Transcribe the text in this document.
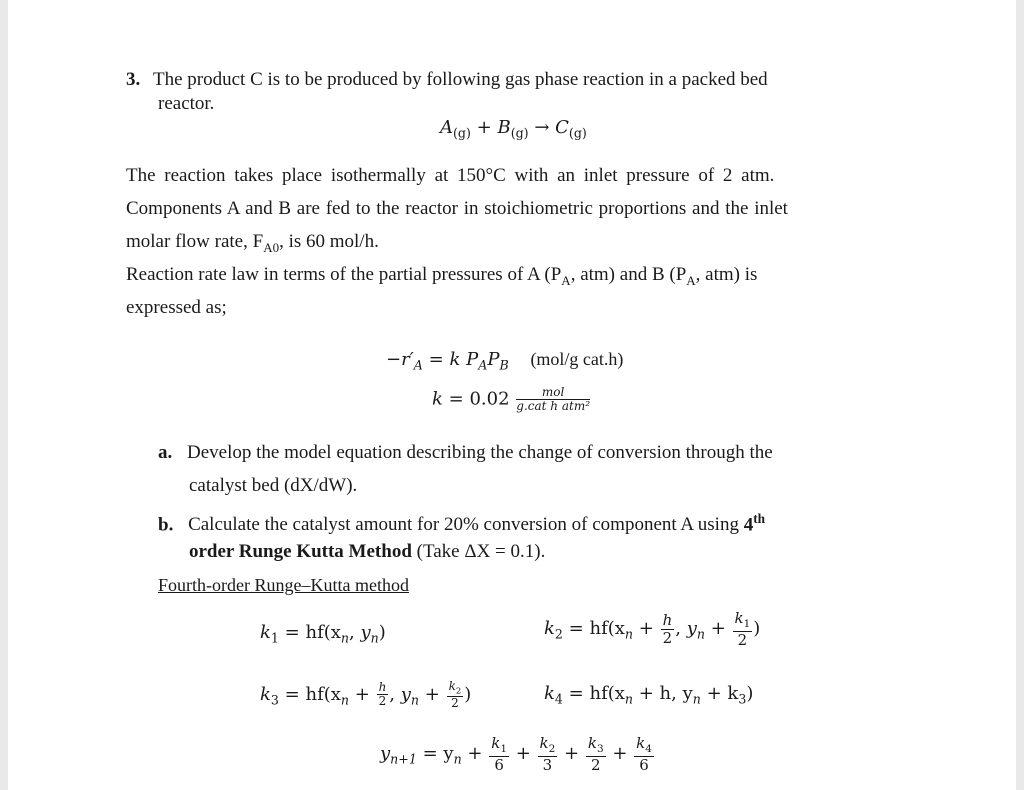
3. The product C is to be produced by following gas phase reaction in a packed bed
reactor.
$A_{(g)} + B_{(g)} \to C_{(g)}$
The reaction takes place isothermally at 150°C with an inlet pressure of 2 atm.
Components A and B are fed to the reactor in stoichiometric proportions and the inlet
molar flow rate, $F_{A0}$, is 60 mol/h.
Reaction rate law in terms of the partial pressures of A ($P_A$, atm) and B ($P_A$, atm) is
expressed as;
$-r'_A = k$ $P_AP_B$ (mol/g cat.h)
$k = 0.02 \frac{\text{mol}}{\text{g.cat h atm²}}$
a. Develop the model equation describing the change of conversion through the
catalyst bed (dX/dW).
b. Calculate the catalyst amount for 20% conversion of component A using 4th
order Runge Kutta Method (Take ΔX = 0.1).
Fourth-order Runge–Kutta method
$k_1 = hf(x_n$, $y_n$)	$k_2 = hf(x_n + \frac{h}{2}$ , $y_n + \frac{k_1}{2}$ )
$k_3 = hf(x_n + \frac{h}{2}$ , $y_n + \frac{k_2}{2}$ )	$k_4 = hf(x_n + h$, $y_n + k_3$)
$y_{n+1} = y_n + \frac{k_1}{6} + \frac{k_2}{3} + \frac{k_3}{2} + \frac{k_4}{6}$
